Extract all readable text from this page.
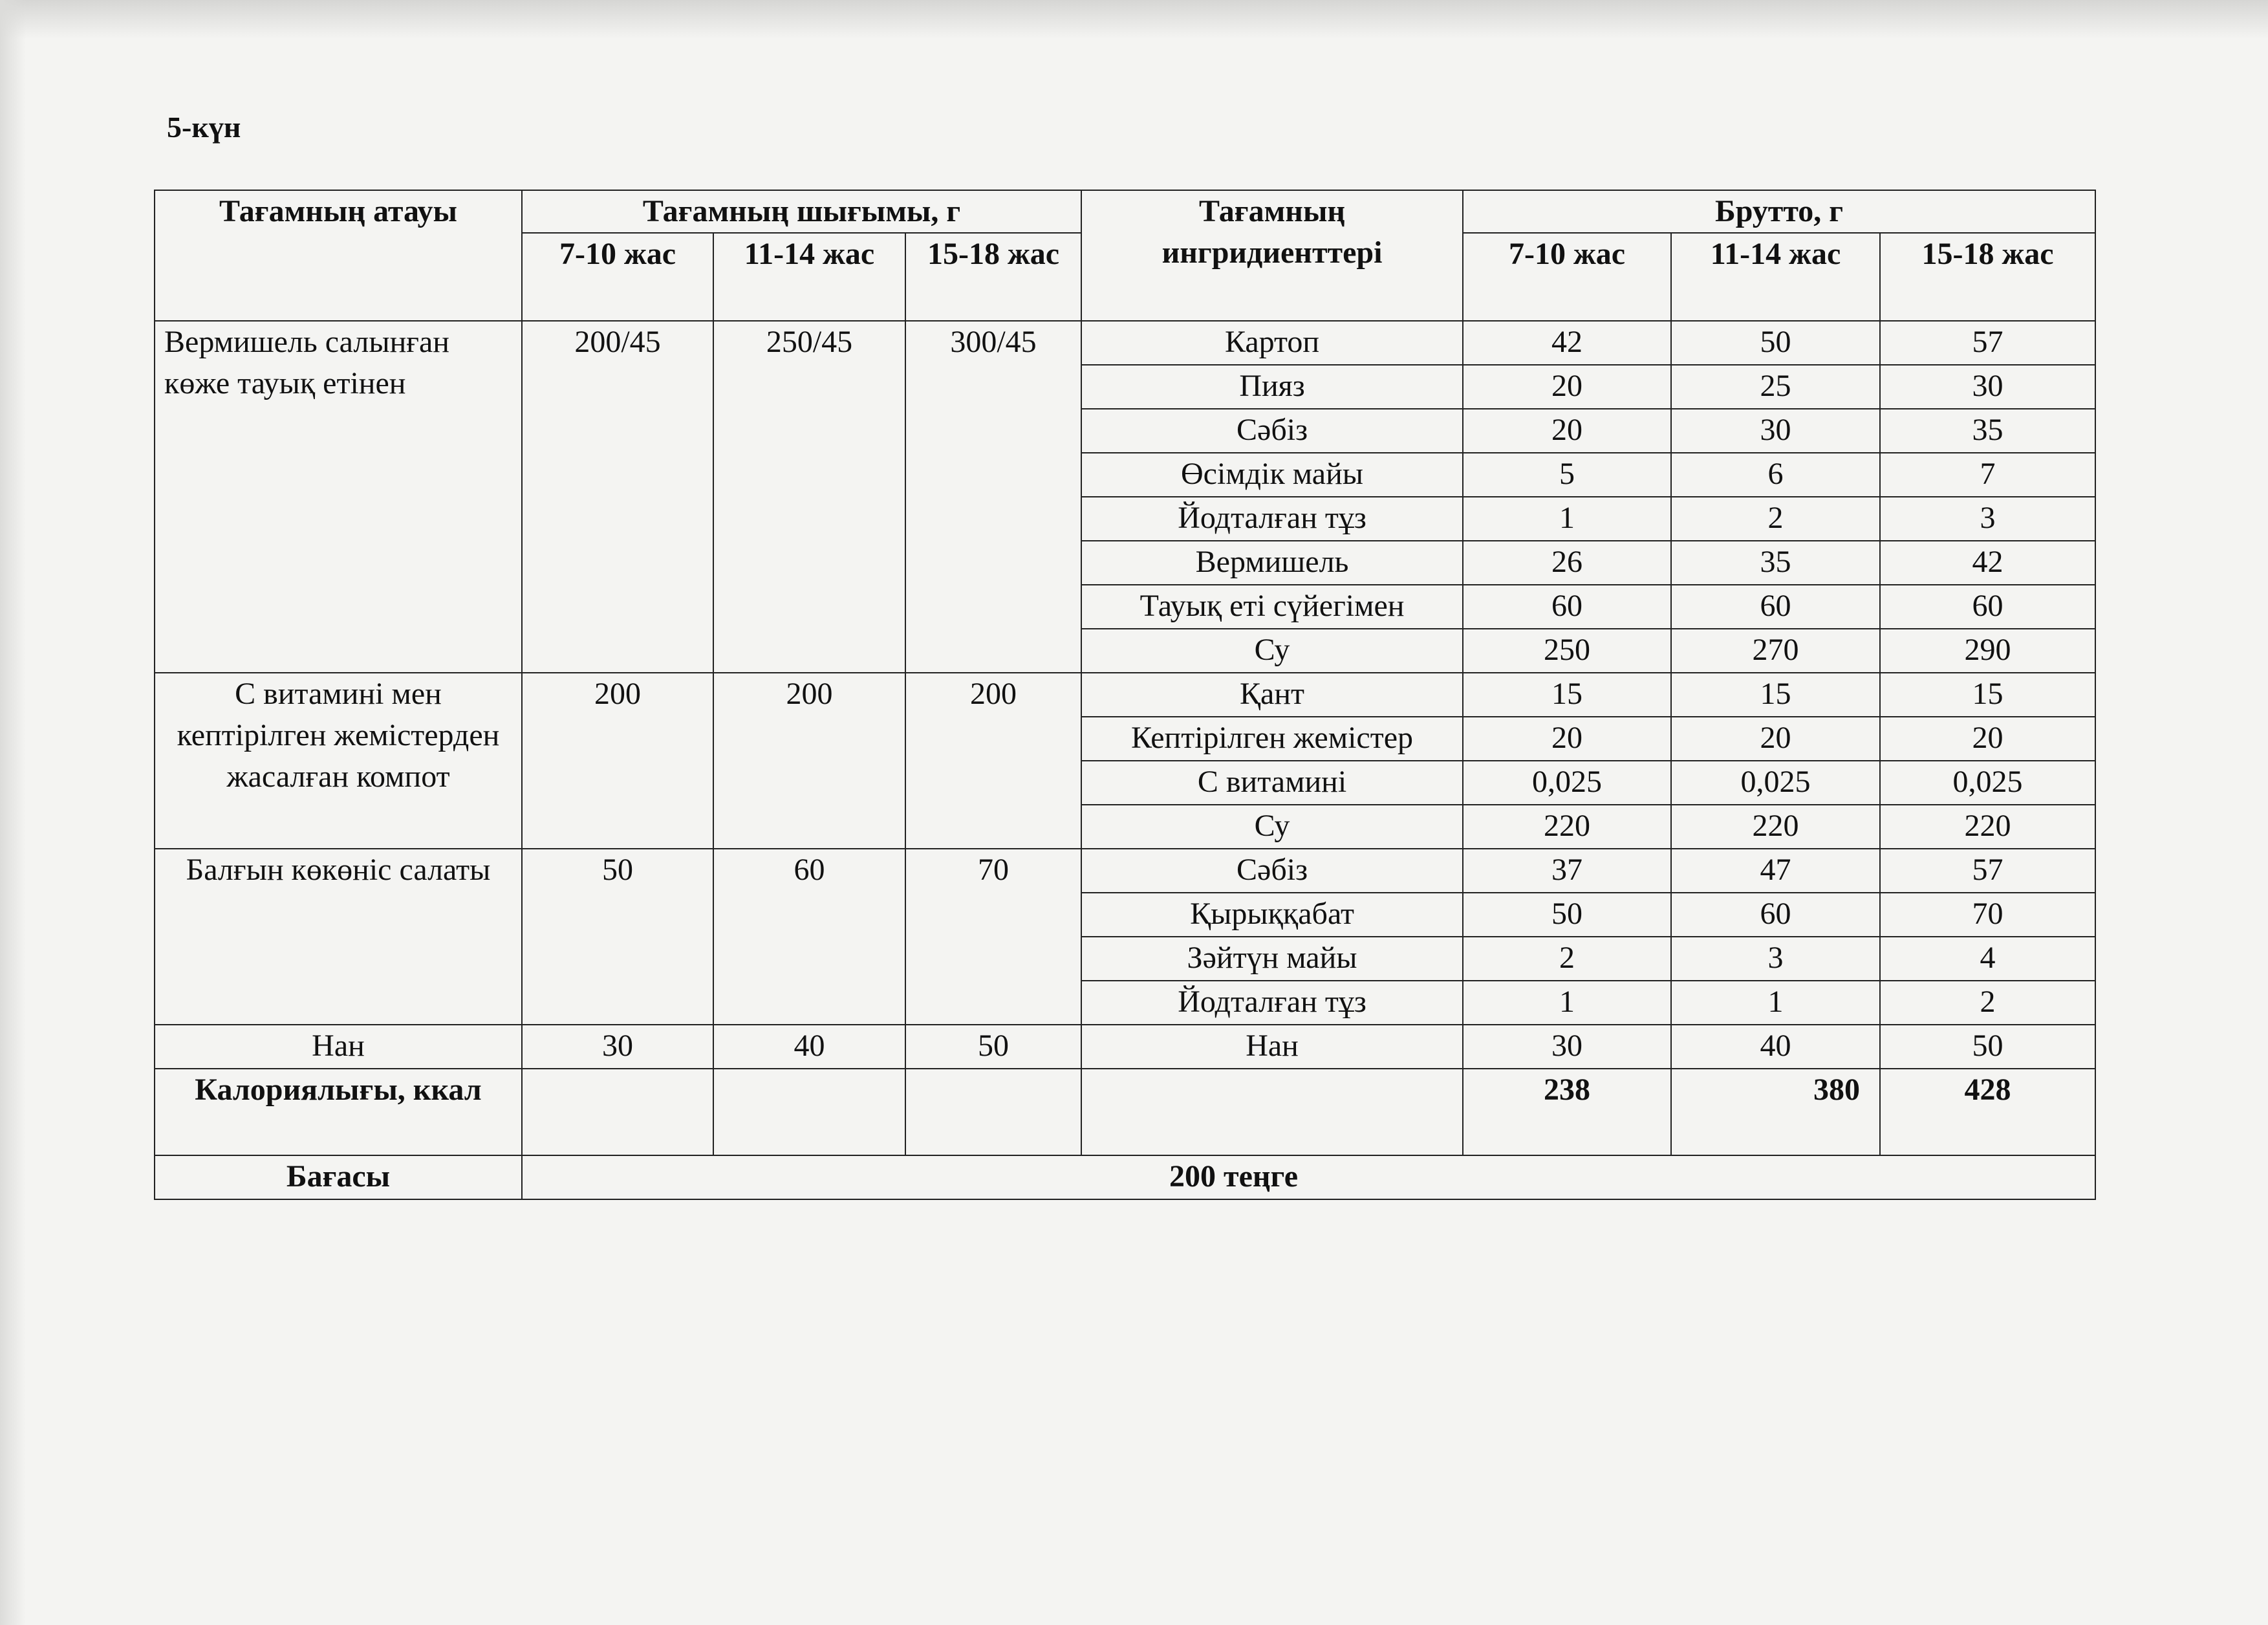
5-күн
Тағамның атауы	Тағамның шығымы, г			Тағамның ингридиенттері	Брутто, г		
	7-10 жас	11-14 жас	15-18 жас		7-10 жас	11-14 жас	15-18 жас
Вермишель салынған көже тауық етінен	200/45	250/45	300/45	Картоп	42	50	57
				Пияз	20	25	30
				Сәбіз	20	30	35
				Өсімдік майы	5	6	7
				Йодталған тұз	1	2	3
				Вермишель	26	35	42
				Тауық еті сүйегімен	60	60	60
				Су	250	270	290
С витамині мен кептірілген жемістерден жасалған компот	200	200	200	Қант	15	15	15
				Кептірілген жемістер	20	20	20
				С витамині	0,025	0,025	0,025
				Су	220	220	220
Балғын көкөніс салаты	50	60	70	Сәбіз	37	47	57
				Қырыққабат	50	60	70
				Зәйтүн майы	2	3	4
				Йодталған тұз	1	1	2
Нан	30	40	50	Нан	30	40	50
Калориялығы, ккал					238	380	428
Бағасы	200 теңге						
